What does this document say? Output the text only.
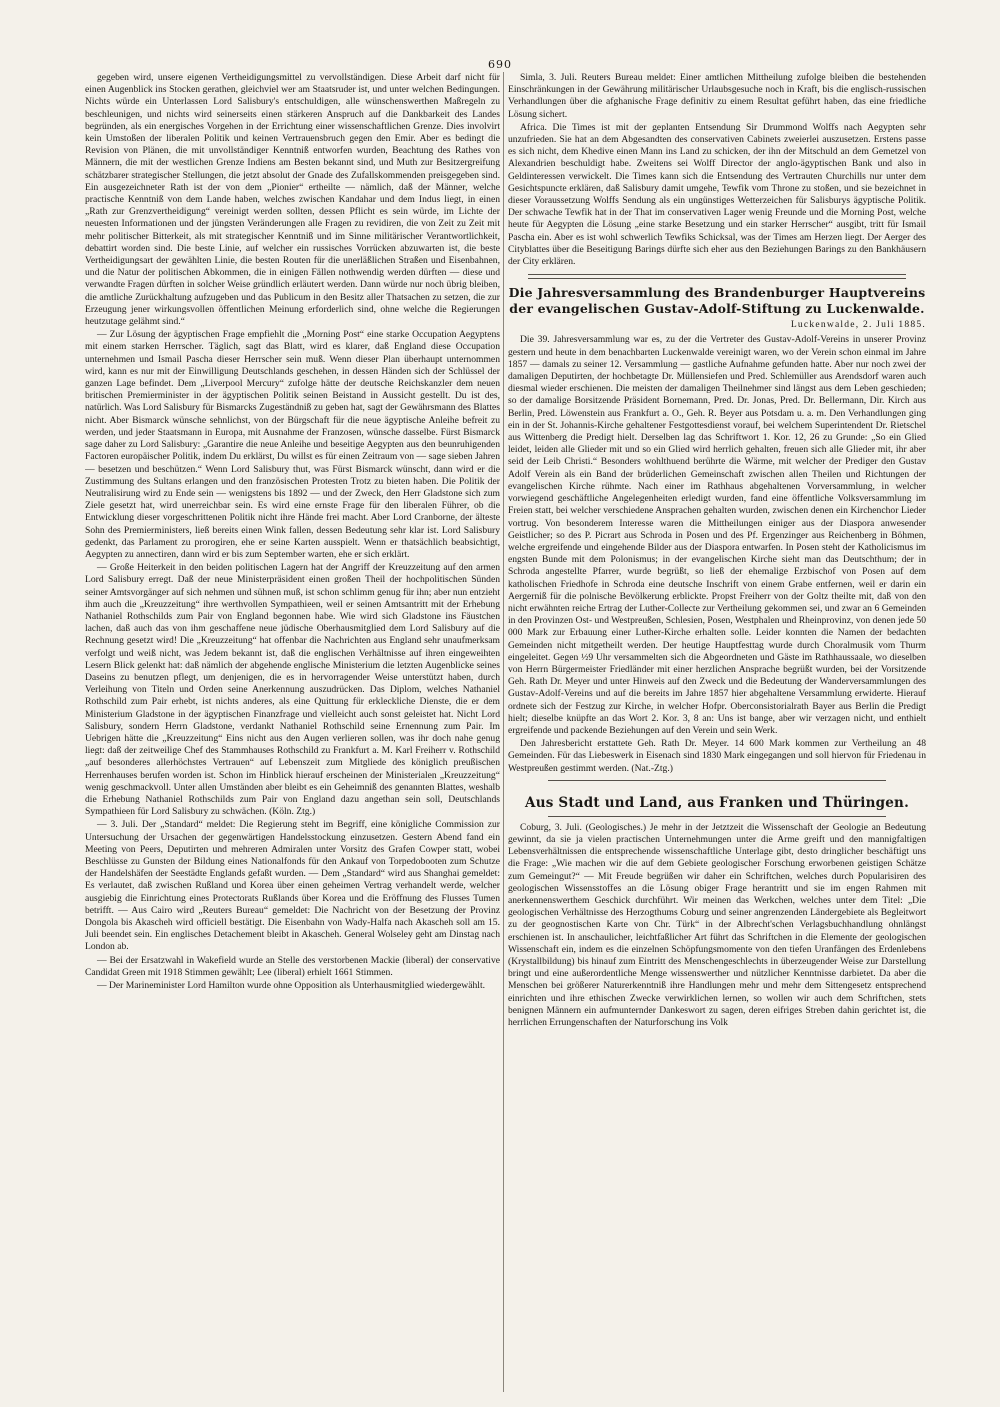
690

gegeben wird, unsere eigenen Vertheidigungsmittel zu vervollständigen. Diese Arbeit darf nicht für einen Augenblick ins Stocken gerathen, gleichviel wer am Staatsruder ist, und unter welchen Bedingungen. Nichts würde ein Unterlassen Lord Salisbury's entschuldigen, alle wünschenswerthen Maßregeln zu beschleunigen, und nichts wird seinerseits einen stärkeren Anspruch auf die Dankbarkeit des Landes begründen, als ein energisches Vorgehen in der Errichtung einer wissenschaftlichen Grenze. Dies involvirt kein Umstoßen der liberalen Politik und keinen Vertrauensbruch gegen den Emir. Aber es bedingt die Revision von Plänen, die mit unvollständiger Kenntniß entworfen wurden, Beachtung des Rathes von Männern, die mit der westlichen Grenze Indiens am Besten bekannt sind, und Muth zur Besitzergreifung schätzbarer strategischer Stellungen, die jetzt absolut der Gnade des Zufallskommenden preisgegeben sind. Ein ausgezeichneter Rath ist der von dem „Pionier“ ertheilte — nämlich, daß der Männer, welche practische Kenntniß von dem Lande haben, welches zwischen Kandahar und dem Indus liegt, in einen „Rath zur Grenzvertheidigung“ vereinigt werden sollten, dessen Pflicht es sein würde, im Lichte der neuesten Informationen und der jüngsten Veränderungen alle Fragen zu revidiren, die von Zeit zu Zeit mit mehr politischer Bitterkeit, als mit strategischer Kenntniß und im Sinne militärischer Verantwortlichkeit, debattirt worden sind. Die beste Linie, auf welcher ein russisches Vorrücken abzuwarten ist, die beste Vertheidigungsart der gewählten Linie, die besten Routen für die unerläßlichen Straßen und Eisenbahnen, und die Natur der politischen Abkommen, die in einigen Fällen nothwendig werden dürften — diese und verwandte Fragen dürften in solcher Weise gründlich erläutert werden. Dann würde nur noch übrig bleiben, die amtliche Zurückhaltung aufzugeben und das Publicum in den Besitz aller Thatsachen zu setzen, die zur Erzeugung jener wirkungsvollen öffentlichen Meinung erforderlich sind, ohne welche die Regierungen heutzutage gelähmt sind.“

— Zur Lösung der ägyptischen Frage empfiehlt die „Morning Post“ eine starke Occupation Aegyptens mit einem starken Herrscher. Täglich, sagt das Blatt, wird es klarer, daß England diese Occupation unternehmen und Ismail Pascha dieser Herrscher sein muß. Wenn dieser Plan überhaupt unternommen wird, kann es nur mit der Einwilligung Deutschlands geschehen, in dessen Händen sich der Schlüssel der ganzen Lage befindet. Dem „Liverpool Mercury“ zufolge hätte der deutsche Reichskanzler dem neuen britischen Premierminister in der ägyptischen Politik seinen Beistand in Aussicht gestellt. Du ist des, natürlich. Was Lord Salisbury für Bismarcks Zugeständniß zu geben hat, sagt der Gewährsmann des Blattes nicht. Aber Bismarck wünsche sehnlichst, von der Bürgschaft für die neue ägyptische Anleihe befreit zu werden, und jeder Staatsmann in Europa, mit Ausnahme der Franzosen, wünsche dasselbe. Fürst Bismarck sage daher zu Lord Salisbury: „Garantire die neue Anleihe und beseitige Aegypten aus den beunruhigenden Factoren europäischer Politik, indem Du erklärst, Du willst es für einen Zeitraum von — sage sieben Jahren — besetzen und beschützen.“ Wenn Lord Salisbury thut, was Fürst Bismarck wünscht, dann wird er die Zustimmung des Sultans erlangen und den französischen Protesten Trotz zu bieten haben. Die Politik der Neutralisirung wird zu Ende sein — wenigstens bis 1892 — und der Zweck, den Herr Gladstone sich zum Ziele gesetzt hat, wird unerreichbar sein. Es wird eine ernste Frage für den liberalen Führer, ob die Entwicklung dieser vorgeschrittenen Politik nicht ihre Hände frei macht. Aber Lord Cranborne, der älteste Sohn des Premierministers, ließ bereits einen Wink fallen, dessen Bedeutung sehr klar ist. Lord Salisbury gedenkt, das Parlament zu prorogiren, ehe er seine Karten ausspielt. Wenn er thatsächlich beabsichtigt, Aegypten zu annectiren, dann wird er bis zum September warten, ehe er sich erklärt.

— Große Heiterkeit in den beiden politischen Lagern hat der Angriff der Kreuzzeitung auf den armen Lord Salisbury erregt. Daß der neue Ministerpräsident einen großen Theil der hochpolitischen Sünden seiner Amtsvorgänger auf sich nehmen und sühnen muß, ist schon schlimm genug für ihn; aber nun entzieht ihm auch die „Kreuzzeitung“ ihre werthvollen Sympathieen, weil er seinen Amtsantritt mit der Erhebung Nathaniel Rothschilds zum Pair von England begonnen habe. Wie wird sich Gladstone ins Fäustchen lachen, daß auch das von ihm geschaffene neue jüdische Oberhausmitglied dem Lord Salisbury auf die Rechnung gesetzt wird! Die „Kreuzzeitung“ hat offenbar die Nachrichten aus England sehr unaufmerksam verfolgt und weiß nicht, was Jedem bekannt ist, daß die englischen Verhältnisse auf ihren eingeweihten Lesern Blick gelenkt hat: daß nämlich der abgehende englische Ministerium die letzten Augenblicke seines Daseins zu benutzen pflegt, um denjenigen, die es in hervorragender Weise unterstützt haben, durch Verleihung von Titeln und Orden seine Anerkennung auszudrücken. Das Diplom, welches Nathaniel Rothschild zum Pair erhebt, ist nichts anderes, als eine Quittung für erkleckliche Dienste, die er dem Ministerium Gladstone in der ägyptischen Finanzfrage und vielleicht auch sonst geleistet hat. Nicht Lord Salisbury, sondern Herrn Gladstone, verdankt Nathaniel Rothschild seine Ernennung zum Pair. Im Uebrigen hätte die „Kreuzzeitung“ Eins nicht aus den Augen verlieren sollen, was ihr doch nahe genug liegt: daß der zeitweilige Chef des Stammhauses Rothschild zu Frankfurt a. M. Karl Freiherr v. Rothschild „auf besonderes allerhöchstes Vertrauen“ auf Lebenszeit zum Mitgliede des königlich preußischen Herrenhauses berufen worden ist. Schon im Hinblick hierauf erscheinen der Ministerialen „Kreuzzeitung“ wenig geschmackvoll. Unter allen Umständen aber bleibt es ein Geheimniß des genannten Blattes, weshalb die Erhebung Nathaniel Rothschilds zum Pair von England dazu angethan sein soll, Deutschlands Sympathieen für Lord Salisbury zu schwächen. (Köln. Ztg.)

— 3. Juli. Der „Standard“ meldet: Die Regierung steht im Begriff, eine königliche Commission zur Untersuchung der Ursachen der gegenwärtigen Handelsstockung einzusetzen. Gestern Abend fand ein Meeting von Peers, Deputirten und mehreren Admiralen unter Vorsitz des Grafen Cowper statt, wobei Beschlüsse zu Gunsten der Bildung eines Nationalfonds für den Ankauf von Torpedobooten zum Schutze der Handelshäfen der Seestädte Englands gefaßt wurden. — Dem „Standard“ wird aus Shanghai gemeldet: Es verlautet, daß zwischen Rußland und Korea über einen geheimen Vertrag verhandelt werde, welcher ausgiebig die Einrichtung eines Protectorats Rußlands über Korea und die Eröffnung des Flusses Tumen betrifft. — Aus Cairo wird „Reuters Bureau“ gemeldet: Die Nachricht von der Besetzung der Provinz Dongola bis Akascheh wird officiell bestätigt. Die Eisenbahn von Wady-Halfa nach Akascheh soll am 15. Juli beendet sein. Ein englisches Detachement bleibt in Akascheh. General Wolseley geht am Dinstag nach London ab.

— Bei der Ersatzwahl in Wakefield wurde an Stelle des verstorbenen Mackie (liberal) der conservative Candidat Green mit 1918 Stimmen gewählt; Lee (liberal) erhielt 1661 Stimmen.

— Der Marineminister Lord Hamilton wurde ohne Opposition als Unterhausmitglied wiedergewählt.

Simla, 3. Juli. Reuters Bureau meldet: Einer amtlichen Mittheilung zufolge bleiben die bestehenden Einschränkungen in der Gewährung militärischer Urlaubsgesuche noch in Kraft, bis die englisch-russischen Verhandlungen über die afghanische Frage definitiv zu einem Resultat geführt haben, das eine friedliche Lösung sichert.

Africa. Die Times ist mit der geplanten Entsendung Sir Drummond Wolffs nach Aegypten sehr unzufrieden. Sie hat an dem Abgesandten des conservativen Cabinets zweierlei auszusetzen. Erstens passe es sich nicht, dem Khedive einen Mann ins Land zu schicken, der ihn der Mitschuld an dem Gemetzel von Alexandrien beschuldigt habe. Zweitens sei Wolff Director der anglo-ägyptischen Bank und also in Geldinteressen verwickelt. Die Times kann sich die Entsendung des Vertrauten Churchills nur unter dem Gesichtspuncte erklären, daß Salisbury damit umgehe, Tewfik vom Throne zu stoßen, und sie bezeichnet in dieser Voraussetzung Wolffs Sendung als ein ungünstiges Wetterzeichen für Salisburys ägyptische Politik. Der schwache Tewfik hat in der That im conservativen Lager wenig Freunde und die Morning Post, welche heute für Aegypten die Lösung „eine starke Besetzung und ein starker Herrscher“ ausgibt, tritt für Ismail Pascha ein. Aber es ist wohl schwerlich Tewfiks Schicksal, was der Times am Herzen liegt. Der Aerger des Cityblattes über die Beseitigung Barings dürfte sich eher aus den Beziehungen Barings zu den Bankhäusern der City erklären.

Die Jahresversammlung des Brandenburger Hauptvereins der evangelischen Gustav-Adolf-Stiftung zu Luckenwalde.
Luckenwalde, 2. Juli 1885.

Die 39. Jahresversammlung war es, zu der die Vertreter des Gustav-Adolf-Vereins in unserer Provinz gestern und heute in dem benachbarten Luckenwalde vereinigt waren, wo der Verein schon einmal im Jahre 1857 — damals zu seiner 12. Versammlung — gastliche Aufnahme gefunden hatte. Aber nur noch zwei der damaligen Deputirten, der hochbetagte Dr. Müllensiefen und Pred. Schlemüller aus Arendsdorf waren auch diesmal wieder erschienen. Die meisten der damaligen Theilnehmer sind längst aus dem Leben geschieden; so der damalige Borsitzende Präsident Bornemann, Pred. Dr. Jonas, Pred. Dr. Bellermann, Dir. Kirch aus Berlin, Pred. Löwenstein aus Frankfurt a. O., Geh. R. Beyer aus Potsdam u. a. m. Den Verhandlungen ging ein in der St. Johannis-Kirche gehaltener Festgottesdienst vorauf, bei welchem Superintendent Dr. Rietschel aus Wittenberg die Predigt hielt. Derselben lag das Schriftwort 1. Kor. 12, 26 zu Grunde: „So ein Glied leidet, leiden alle Glieder mit und so ein Glied wird herrlich gehalten, freuen sich alle Glieder mit, ihr aber seid der Leib Christi.“ Besonders wohlthuend berührte die Wärme, mit welcher der Prediger den Gustav Adolf Verein als ein Band der brüderlichen Gemeinschaft zwischen allen Theilen und Richtungen der evangelischen Kirche rühmte. Nach einer im Rathhaus abgehaltenen Vorversammlung, in welcher vorwiegend geschäftliche Angelegenheiten erledigt wurden, fand eine öffentliche Volksversammlung im Freien statt, bei welcher verschiedene Ansprachen gehalten wurden, zwischen denen ein Kirchenchor Lieder vortrug. Von besonderem Interesse waren die Mittheilungen einiger aus der Diaspora anwesender Geistlicher; so des P. Picrart aus Schroda in Posen und des Pf. Ergenzinger aus Reichenberg in Böhmen, welche ergreifende und eingehende Bilder aus der Diaspora entwarfen. In Posen steht der Katholicismus im engsten Bunde mit dem Polonismus; in der evangelischen Kirche sieht man das Deutschthum; der in Schroda angestellte Pfarrer, wurde begrüßt, so ließ der ehemalige Erzbischof von Posen auf dem katholischen Friedhofe in Schroda eine deutsche Inschrift von einem Grabe entfernen, weil er darin ein Aergerniß für die polnische Bevölkerung erblickte. Propst Freiherr von der Goltz theilte mit, daß von den nicht erwähnten reiche Ertrag der Luther-Collecte zur Vertheilung gekommen sei, und zwar an 6 Gemeinden in den Provinzen Ost- und Westpreußen, Schlesien, Posen, Westphalen und Rheinprovinz, von denen jede 50 000 Mark zur Erbauung einer Luther-Kirche erhalten solle. Leider konnten die Namen der bedachten Gemeinden nicht mitgetheilt werden. Der heutige Hauptfesttag wurde durch Choralmusik vom Thurm eingeleitet. Gegen ½9 Uhr versammelten sich die Abgeordneten und Gäste im Rathhaussaale, wo dieselben von Herrn Bürgermeister Friedländer mit einer herzlichen Ansprache begrüßt wurden, bei der Vorsitzende Geh. Rath Dr. Meyer und unter Hinweis auf den Zweck und die Bedeutung der Wanderversammlungen des Gustav-Adolf-Vereins und auf die bereits im Jahre 1857 hier abgehaltene Versammlung erwiderte. Hierauf ordnete sich der Festzug zur Kirche, in welcher Hofpr. Oberconsistorialrath Bayer aus Berlin die Predigt hielt; dieselbe knüpfte an das Wort 2. Kor. 3, 8 an: Uns ist bange, aber wir verzagen nicht, und enthielt ergreifende und packende Beziehungen auf den Verein und sein Werk.

Den Jahresbericht erstattete Geh. Rath Dr. Meyer. 14 600 Mark kommen zur Vertheilung an 48 Gemeinden. Für das Liebeswerk in Eisenach sind 1830 Mark eingegangen und soll hiervon für Friedenau in Westpreußen gestimmt werden. (Nat.-Ztg.)

Aus Stadt und Land, aus Franken und Thüringen.

Coburg, 3. Juli. (Geologisches.) Je mehr in der Jetztzeit die Wissenschaft der Geologie an Bedeutung gewinnt, da sie ja vielen practischen Unternehmungen unter die Arme greift und den mannigfaltigen Lebensverhältnissen die entsprechende wissenschaftliche Unterlage gibt, desto dringlicher beschäftigt uns die Frage: „Wie machen wir die auf dem Gebiete geologischer Forschung erworbenen geistigen Schätze zum Gemeingut?“ — Mit Freude begrüßen wir daher ein Schriftchen, welches durch Popularisiren des geologischen Wissensstoffes an die Lösung obiger Frage herantritt und sie im engen Rahmen mit anerkennenswerthem Geschick durchführt. Wir meinen das Werkchen, welches unter dem Titel: „Die geologischen Verhältnisse des Herzogthums Coburg und seiner angrenzenden Ländergebiete als Begleitwort zu der geognostischen Karte von Chr. Türk“ in der Albrecht'schen Verlagsbuchhandlung ohnlängst erschienen ist. In anschaulicher, leichtfaßlicher Art führt das Schriftchen in die Elemente der geologischen Wissenschaft ein, indem es die einzelnen Schöpfungsmomente von den tiefen Uranfängen des Erdenlebens (Krystallbildung) bis hinauf zum Eintritt des Menschengeschlechts in überzeugender Weise zur Darstellung bringt und eine außerordentliche Menge wissenswerther und nützlicher Kenntnisse darbietet. Da aber die Menschen bei größerer Naturerkenntniß ihre Handlungen mehr und mehr dem Sittengesetz entsprechend einrichten und ihre ethischen Zwecke verwirklichen lernen, so wollen wir auch dem Schriftchen, stets benignen Männern ein aufmunternder Dankeswort zu sagen, deren eifriges Streben dahin gerichtet ist, die herrlichen Errungenschaften der Naturforschung ins Volk
